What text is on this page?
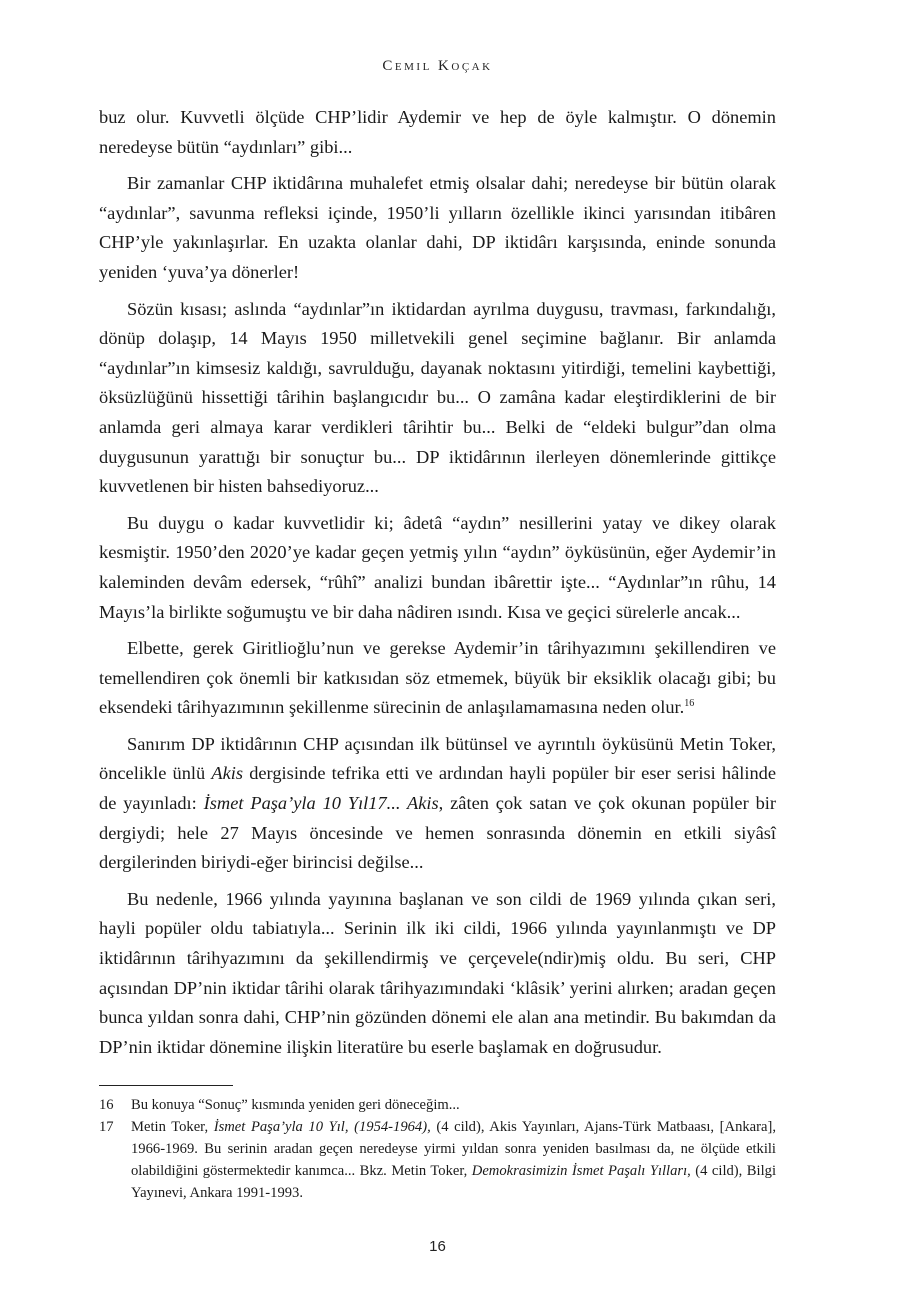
Cemil Koçak

buz olur. Kuvvetli ölçüde CHP’lidir Aydemir ve hep de öyle kalmıştır. O dönemin neredeyse bütün “aydınları” gibi...

Bir zamanlar CHP iktidârına muhalefet etmiş olsalar dahi; neredeyse bir bütün olarak “aydınlar”, savunma refleksi içinde, 1950’li yılların özellikle ikinci yarısından itibâren CHP’yle yakınlaşırlar. En uzakta olanlar dahi, DP iktidârı karşısında, eninde sonunda yeniden ‘yuva’ya dönerler!

Sözün kısası; aslında “aydınlar”ın iktidardan ayrılma duygusu, travması, farkındalığı, dönüp dolaşıp, 14 Mayıs 1950 milletvekili genel seçimine bağlanır. Bir anlamda “aydınlar”ın kimsesiz kaldığı, savrulduğu, dayanak noktasını yitirdiği, temelini kaybettiği, öksüzlüğünü hissettiği târihin başlangıcıdır bu... O zamâna kadar eleştirdiklerini de bir anlamda geri almaya karar verdikleri târihtir bu... Belki de “eldeki bulgur”dan olma duygusunun yarattığı bir sonuçtur bu... DP iktidârının ilerleyen dönemlerinde gittikçe kuvvetlenen bir histen bahsediyoruz...

Bu duygu o kadar kuvvetlidir ki; âdetâ “aydın” nesillerini yatay ve dikey olarak kesmiştir. 1950’den 2020’ye kadar geçen yetmiş yılın “aydın” öyküsünün, eğer Aydemir’in kaleminden devâm edersek, “rûhî” analizi bundan ibârettir işte... “Aydınlar”ın rûhu, 14 Mayıs’la birlikte soğumuştu ve bir daha nâdiren ısındı. Kısa ve geçici sürelerle ancak...

Elbette, gerek Giritlioğlu’nun ve gerekse Aydemir’in târihyazımını şekillendiren ve temellendiren çok önemli bir katkısıdan söz etmemek, büyük bir eksiklik olacağı gibi; bu eksendeki târihyazımının şekillenme sürecinin de anlaşılamamasına neden olur.$^{16}$

Sanırım DP iktidârının CHP açısından ilk bütünsel ve ayrıntılı öyküsünü Metin Toker, öncelikle ünlü Akis dergisinde tefrika etti ve ardından hayli popüler bir eser serisi hâlinde de yayınladı: İsmet Paşa’yla 10 Yıl17... Akis, zâten çok satan ve çok okunan popüler bir dergiydi; hele 27 Mayıs öncesinde ve hemen sonrasında dönemin en etkili siyâsî dergilerinden biriydi-eğer birincisi değilse...

Bu nedenle, 1966 yılında yayınına başlanan ve son cildi de 1969 yılında çıkan seri, hayli popüler oldu tabiatıyla... Serinin ilk iki cildi, 1966 yılında yayınlanmıştı ve DP iktidârının târihyazımını da şekillendirmiş ve çerçevele(ndir)miş oldu. Bu seri, CHP açısından DP’nin iktidar târihi olarak târihyazımındaki ‘klâsik’ yerini alırken; aradan geçen bunca yıldan sonra dahi, CHP’nin gözünden dönemi ele alan ana metindir. Bu bakımdan da DP’nin iktidar dönemine ilişkin literatüre bu eserle başlamak en doğrusudur.

16	Bu konuya “Sonuç” kısmında yeniden geri döneceğim...
17	Metin Toker, İsmet Paşa’yla 10 Yıl, (1954-1964), (4 cild), Akis Yayınları, Ajans-Türk Matbaası, [Ankara], 1966-1969. Bu serinin aradan geçen neredeyse yirmi yıldan sonra yeniden basılması da, ne ölçüde etkili olabildiğini göstermektedir kanımca... Bkz. Metin Toker, Demokrasimizin İsmet Paşalı Yılları, (4 cild), Bilgi Yayınevi, Ankara 1991-1993.
16
